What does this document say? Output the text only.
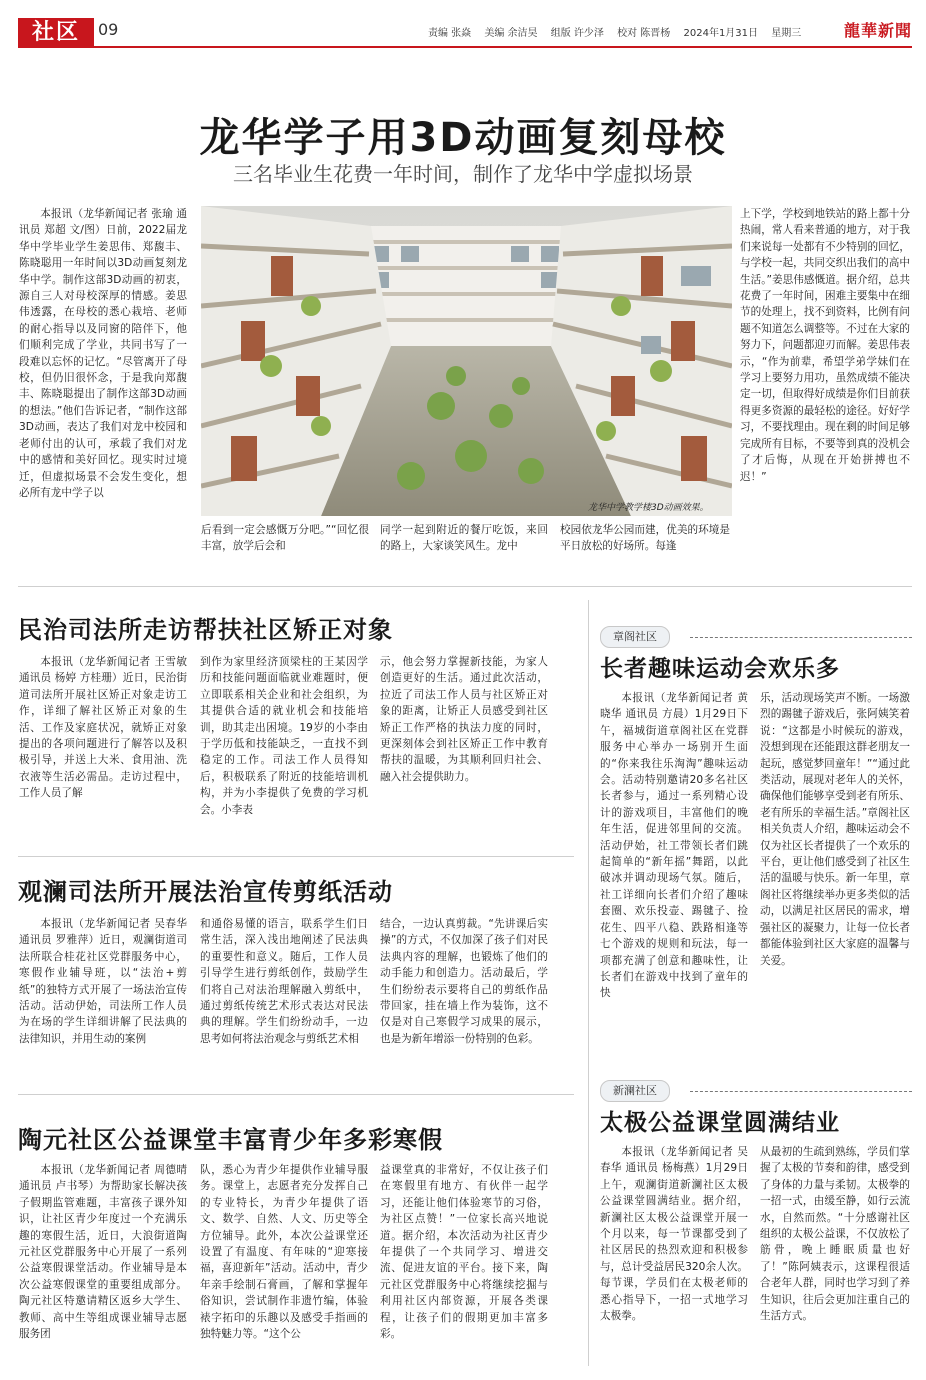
社区	09	责编 张焱 美编 余洁昊 组版 许少泽 校对 陈晋杨 2024年1月31日 星期三	龍華新聞
龙华学子用3D动画复刻母校
三名毕业生花费一年时间，制作了龙华中学虚拟场景

本报讯（龙华新闻记者 张瑜 通讯员 郑超 文/图）日前，2022届龙华中学毕业学生姜思伟、郑馥丰、陈晓聪用一年时间以3D动画复刻龙华中学。制作这部3D动画的初衷，源自三人对母校深厚的情感。姜思伟透露，在母校的悉心栽培、老师的耐心指导以及同窗的陪伴下，他们顺利完成了学业，共同书写了一段难以忘怀的记忆。“尽管离开了母校，但仍旧很怀念，于是我向郑馥丰、陈晓聪提出了制作这部3D动画的想法。”他们告诉记者，“制作这部3D动画，表达了我们对龙中校园和老师付出的认可，承载了我们对龙中的感情和美好回忆。现实时过境迁，但虚拟场景不会发生变化，想必所有龙中学子以

龙华中学教学楼3D动画效果。

后看到一定会感慨万分吧。”“回忆很丰富，放学后会和

同学一起到附近的餐厅吃饭，来回的路上，大家谈笑风生。龙中

校园依龙华公园而建，优美的环境是平日放松的好场所。每逢

上下学，学校到地铁站的路上都十分热闹，常人看来普通的地方，对于我们来说每一处都有不少特别的回忆，与学校一起，共同交织出我们的高中生活。”姜思伟感慨道。据介绍，总共花费了一年时间，困难主要集中在细节的处理上，找不到资料，比例有问题不知道怎么调整等。不过在大家的努力下，问题都迎刃而解。姜思伟表示，“作为前辈，希望学弟学妹们在学习上要努力用功，虽然成绩不能决定一切，但取得好成绩是你们目前获得更多资源的最轻松的途径。好好学习，不要找理由。现在剩的时间足够完成所有目标，不要等到真的没机会了才后悔，从现在开始拼搏也不迟！”

民治司法所走访帮扶社区矫正对象

本报讯（龙华新闻记者 王雪敏 通讯员 杨婷 方桂珊）近日，民治街道司法所开展社区矫正对象走访工作，详细了解社区矫正对象的生活、工作及家庭状况，就矫正对象提出的各项问题进行了解答以及积极引导，并送上大米、食用油、洗衣液等生活必需品。走访过程中，工作人员了解

到作为家里经济顶梁柱的王某因学历和技能问题面临就业难题时，便立即联系相关企业和社会组织，为其提供合适的就业机会和技能培训，助其走出困境。19岁的小李由于学历低和技能缺乏，一直找不到稳定的工作。司法工作人员得知后，积极联系了附近的技能培训机构，并为小李提供了免费的学习机会。小李表

示，他会努力掌握新技能，为家人创造更好的生活。通过此次活动，拉近了司法工作人员与社区矫正对象的距离，让矫正人员感受到社区矫正工作严格的执法力度的同时，更深刻体会到社区矫正工作中教育帮扶的温暖，为其顺利回归社会、融入社会提供助力。

观澜司法所开展法治宣传剪纸活动

本报讯（龙华新闻记者 吴春华 通讯员 罗雅萍）近日，观澜街道司法所联合桂花社区党群服务中心，寒假作业辅导班，以“法治+剪纸”的独特方式开展了一场法治宣传活动。活动伊始，司法所工作人员为在场的学生详细讲解了民法典的法律知识，并用生动的案例

和通俗易懂的语言，联系学生们日常生活，深入浅出地阐述了民法典的重要性和意义。随后，工作人员引导学生进行剪纸创作，鼓励学生们将自己对法治理解融入剪纸中，通过剪纸传统艺术形式表达对民法典的理解。学生们纷纷动手，一边思考如何将法治观念与剪纸艺术相

结合，一边认真剪裁。“先讲课后实操”的方式，不仅加深了孩子们对民法典内容的理解，也锻炼了他们的动手能力和创造力。活动最后，学生们纷纷表示要将自己的剪纸作品带回家，挂在墙上作为装饰，这不仅是对自己寒假学习成果的展示，也是为新年增添一份特别的色彩。

陶元社区公益课堂丰富青少年多彩寒假

本报讯（龙华新闻记者 周德晴 通讯员 卢书琴）为帮助家长解决孩子假期监管难题，丰富孩子课外知识，让社区青少年度过一个充满乐趣的寒假生活，近日，大浪街道陶元社区党群服务中心开展了一系列公益寒假课堂活动。作业辅导是本次公益寒假课堂的重要组成部分。陶元社区特邀请精区返乡大学生、教师、高中生等组成课业辅导志愿服务团

队，悉心为青少年提供作业辅导服务。课堂上，志愿者充分发挥自己的专业特长，为青少年提供了语文、数学、自然、人文、历史等全方位辅导。此外，本次公益课堂还设置了有温度、有年味的“迎寒接福，喜迎新年”活动。活动中，青少年亲手绘制石膏画，了解和掌握年俗知识，尝试制作非遗竹编，体验裱字拓印的乐趣以及感受手指画的独特魅力等。“这个公

益课堂真的非常好，不仅让孩子们在寒假里有地方、有伙伴一起学习，还能让他们体验寒节的习俗，为社区点赞！”一位家长高兴地说道。据介绍，本次活动为社区青少年提供了一个共同学习、增进交流、促进友谊的平台。接下来，陶元社区党群服务中心将继续挖掘与利用社区内部资源，开展各类课程，让孩子们的假期更加丰富多彩。

章阁社区
长者趣味运动会欢乐多

本报讯（龙华新闻记者 黄晓华 通讯员 方晨）1月29日下午，福城街道章阁社区在党群服务中心举办一场别开生面的“你来我往乐淘淘”趣味运动会。活动特别邀请20多名社区长者参与，通过一系列精心设计的游戏项目，丰富他们的晚年生活，促进邻里间的交流。活动伊始，社工带领长者们跳起简单的“新年摇”舞蹈，以此破冰并调动现场气氛。随后，社工详细向长者们介绍了趣味套圈、欢乐投壶、踢毽子、捡花生、四平八稳、跌路相逢等七个游戏的规则和玩法，每一项都充满了创意和趣味性，让长者们在游戏中找到了童年的快

乐，活动现场笑声不断。一场激烈的踢毽子游戏后，张阿姨笑着说：“这都是小时候玩的游戏，没想到现在还能跟这群老朋友一起玩，感觉梦回童年！”“通过此类活动，展现对老年人的关怀，确保他们能够享受到老有所乐、老有所乐的幸福生活。”章阁社区相关负责人介绍，趣味运动会不仅为社区长者提供了一个欢乐的平台，更让他们感受到了社区生活的温暖与快乐。新一年里，章阁社区将继续举办更多类似的活动，以满足社区居民的需求，增强社区的凝聚力，让每一位长者都能体验到社区大家庭的温馨与关爱。

新澜社区
太极公益课堂圆满结业

本报讯（龙华新闻记者 吴春华 通讯员 杨梅燕）1月29日上午，观澜街道新澜社区太极公益课堂圆满结业。据介绍，新澜社区太极公益课堂开展一个月以来，每一节课都受到了社区居民的热烈欢迎和积极参与，总计受益居民320余人次。每节课，学员们在太极老师的悉心指导下，一招一式地学习太极拳。

从最初的生疏到熟练，学员们掌握了太极的节奏和韵律，感受到了身体的力量与柔韧。太极拳的一招一式，由缓至静，如行云流水，自然而然。“十分感谢社区组织的太极公益课，不仅放松了筋骨，晚上睡眠质量也好了！”陈阿姨表示，这课程很适合老年人群，同时也学习到了养生知识，往后会更加注重自己的生活方式。
